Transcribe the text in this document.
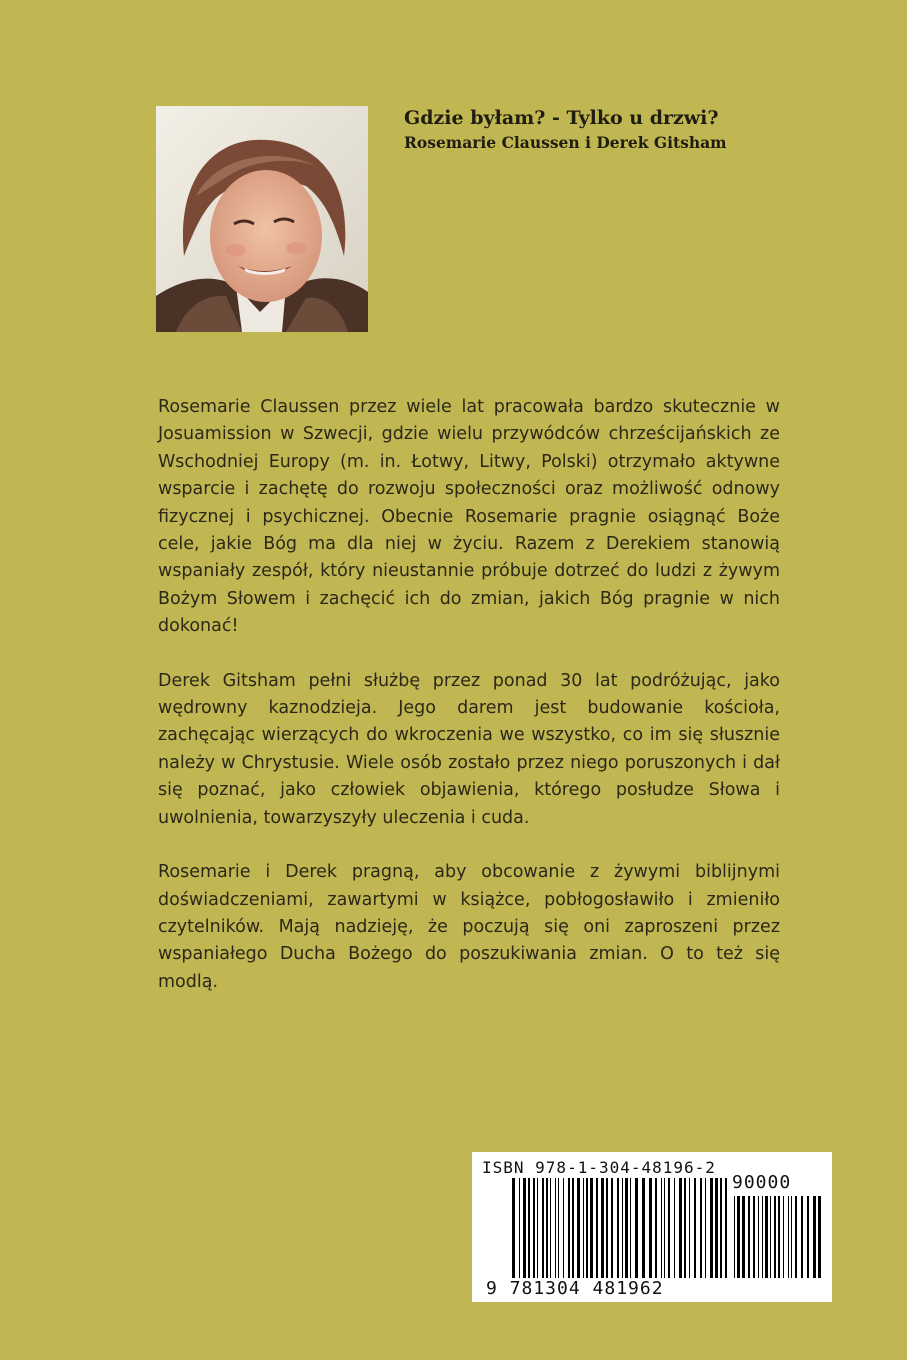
Gdzie byłam? - Tylko u drzwi?
Rosemarie Claussen i Derek Gitsham

Rosemarie Claussen przez wiele lat pracowała bardzo skutecznie w Josuamission w Szwecji, gdzie wielu przywódców chrześcijańskich ze Wschodniej Europy (m. in. Łotwy, Litwy, Polski) otrzymało aktywne wsparcie i zachętę do rozwoju społeczności oraz możliwość odnowy fizycznej i psychicznej. Obecnie Rosemarie pragnie osiągnąć Boże cele, jakie Bóg ma dla niej w życiu. Razem z Derekiem stanowią wspaniały zespół, który nieustannie próbuje dotrzeć do ludzi z żywym Bożym Słowem i zachęcić ich do zmian, jakich Bóg pragnie w nich dokonać!

Derek Gitsham pełni służbę przez ponad 30 lat podróżując, jako wędrowny kaznodzieja. Jego darem jest budowanie kościoła, zachęcając wierzących do wkroczenia we wszystko, co im się słusznie należy w Chrystusie. Wiele osób zostało przez niego poruszonych i dał się poznać, jako człowiek objawienia, którego posłudze Słowa i uwolnienia, towarzyszyły uleczenia i cuda.

Rosemarie i Derek pragną, aby obcowanie z żywymi biblijnymi doświadczeniami, zawartymi w książce, pobłogosławiło i zmieniło czytelników. Mają nadzieję, że poczują się oni zaproszeni przez wspaniałego Ducha Bożego do poszukiwania zmian. O to też się modlą.

ISBN 978-1-304-48196-2
90000
9 781304 481962
